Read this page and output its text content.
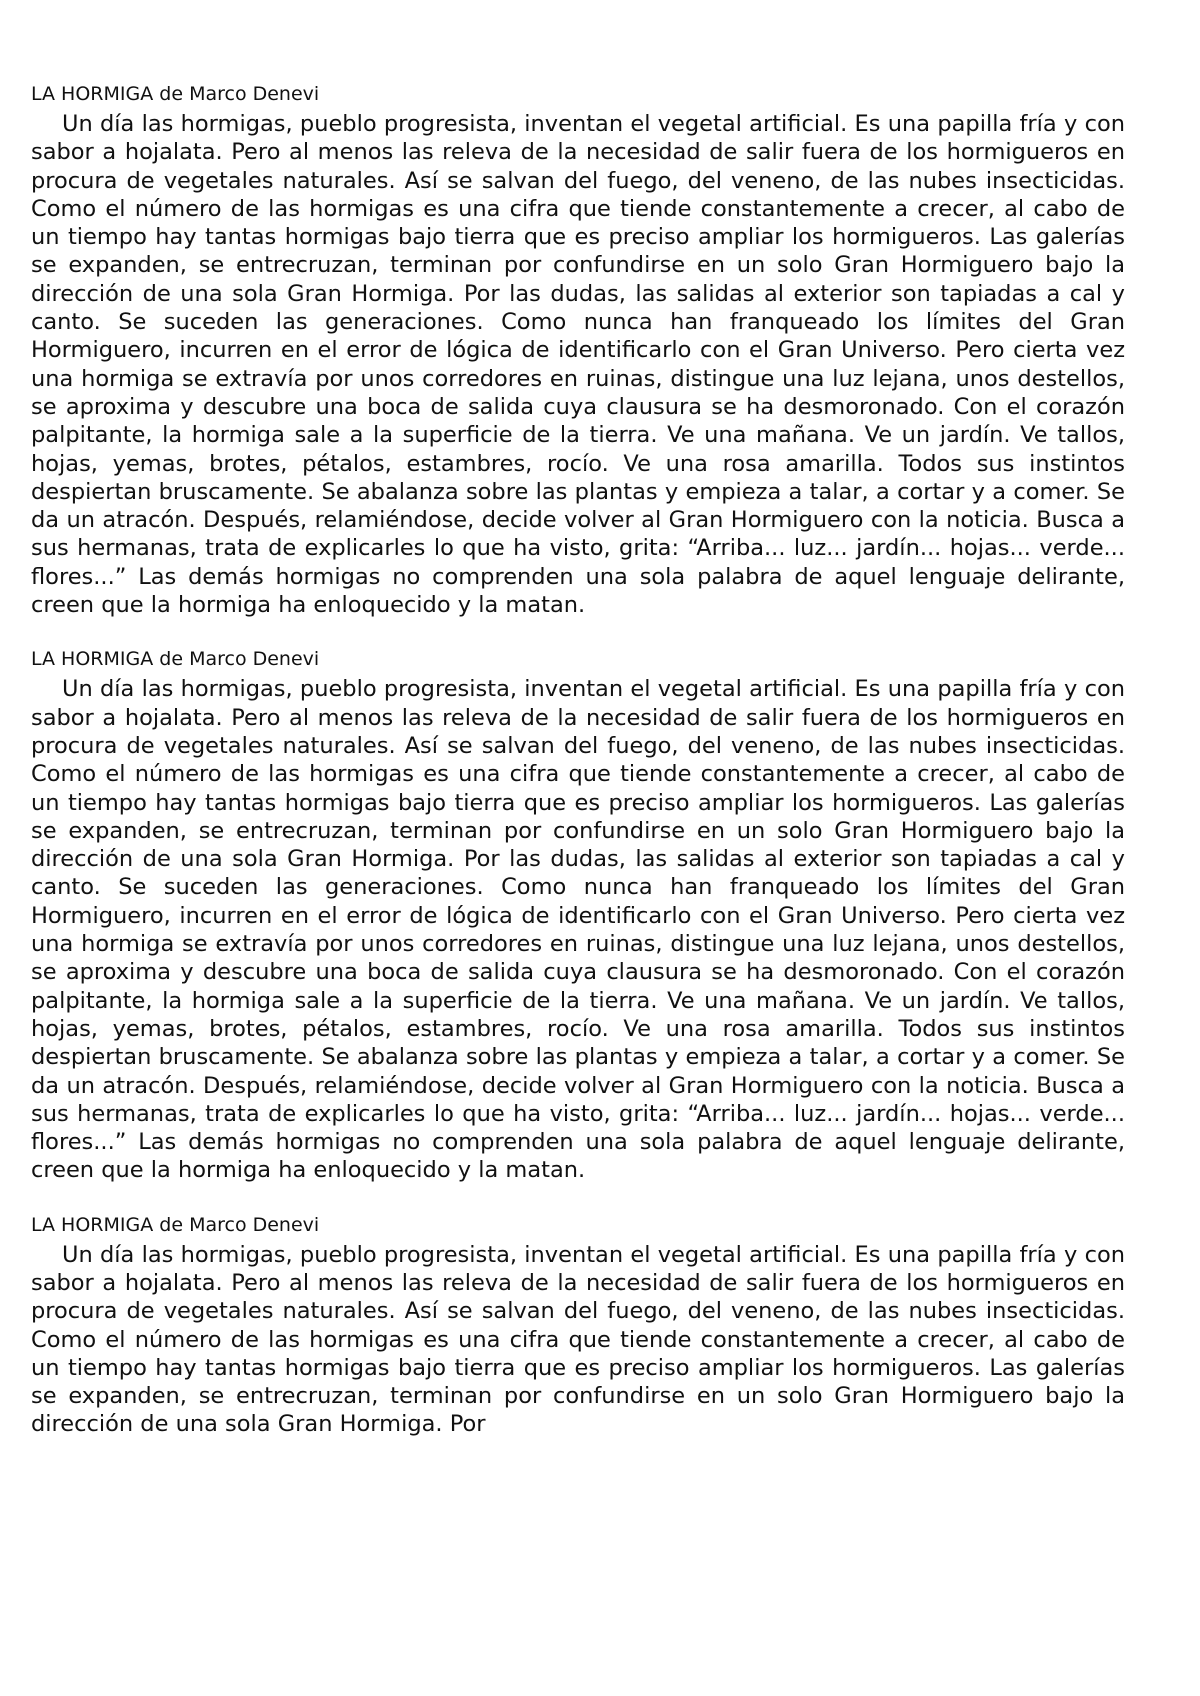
LA HORMIGA de Marco Denevi

Un día las hormigas, pueblo progresista, inventan el vegetal artificial. Es una papilla fría y con sabor a hojalata. Pero al menos las releva de la necesidad de salir fuera de los hormigueros en procura de vegetales naturales. Así se salvan del fuego, del veneno, de las nubes insecticidas. Como el número de las hormigas es una cifra que tiende constantemente a crecer, al cabo de un tiempo hay tantas hormigas bajo tierra que es preciso ampliar los hormigueros. Las galerías se expanden, se entrecruzan, terminan por confundirse en un solo Gran Hormiguero bajo la dirección de una sola Gran Hormiga. Por las dudas, las salidas al exterior son tapiadas a cal y canto. Se suceden las generaciones. Como nunca han franqueado los límites del Gran Hormiguero, incurren en el error de lógica de identificarlo con el Gran Universo. Pero cierta vez una hormiga se extravía por unos corredores en ruinas, distingue una luz lejana, unos destellos, se aproxima y descubre una boca de salida cuya clausura se ha desmoronado. Con el corazón palpitante, la hormiga sale a la superficie de la tierra. Ve una mañana. Ve un jardín. Ve tallos, hojas, yemas, brotes, pétalos, estambres, rocío. Ve una rosa amarilla. Todos sus instintos despiertan bruscamente. Se abalanza sobre las plantas y empieza a talar, a cortar y a comer. Se da un atracón. Después, relamiéndose, decide volver al Gran Hormiguero con la noticia. Busca a sus hermanas, trata de explicarles lo que ha visto, grita: “Arriba... luz... jardín... hojas... verde... flores...” Las demás hormigas no comprenden una sola palabra de aquel lenguaje delirante, creen que la hormiga ha enloquecido y la matan.

LA HORMIGA de Marco Denevi

Un día las hormigas, pueblo progresista, inventan el vegetal artificial. Es una papilla fría y con sabor a hojalata. Pero al menos las releva de la necesidad de salir fuera de los hormigueros en procura de vegetales naturales. Así se salvan del fuego, del veneno, de las nubes insecticidas. Como el número de las hormigas es una cifra que tiende constantemente a crecer, al cabo de un tiempo hay tantas hormigas bajo tierra que es preciso ampliar los hormigueros. Las galerías se expanden, se entrecruzan, terminan por confundirse en un solo Gran Hormiguero bajo la dirección de una sola Gran Hormiga. Por las dudas, las salidas al exterior son tapiadas a cal y canto. Se suceden las generaciones. Como nunca han franqueado los límites del Gran Hormiguero, incurren en el error de lógica de identificarlo con el Gran Universo. Pero cierta vez una hormiga se extravía por unos corredores en ruinas, distingue una luz lejana, unos destellos, se aproxima y descubre una boca de salida cuya clausura se ha desmoronado. Con el corazón palpitante, la hormiga sale a la superficie de la tierra. Ve una mañana. Ve un jardín. Ve tallos, hojas, yemas, brotes, pétalos, estambres, rocío. Ve una rosa amarilla. Todos sus instintos despiertan bruscamente. Se abalanza sobre las plantas y empieza a talar, a cortar y a comer. Se da un atracón. Después, relamiéndose, decide volver al Gran Hormiguero con la noticia. Busca a sus hermanas, trata de explicarles lo que ha visto, grita: “Arriba... luz... jardín... hojas... verde... flores...” Las demás hormigas no comprenden una sola palabra de aquel lenguaje delirante, creen que la hormiga ha enloquecido y la matan.

LA HORMIGA de Marco Denevi

Un día las hormigas, pueblo progresista, inventan el vegetal artificial. Es una papilla fría y con sabor a hojalata. Pero al menos las releva de la necesidad de salir fuera de los hormigueros en procura de vegetales naturales. Así se salvan del fuego, del veneno, de las nubes insecticidas. Como el número de las hormigas es una cifra que tiende constantemente a crecer, al cabo de un tiempo hay tantas hormigas bajo tierra que es preciso ampliar los hormigueros. Las galerías se expanden, se entrecruzan, terminan por confundirse en un solo Gran Hormiguero bajo la dirección de una sola Gran Hormiga. Por
